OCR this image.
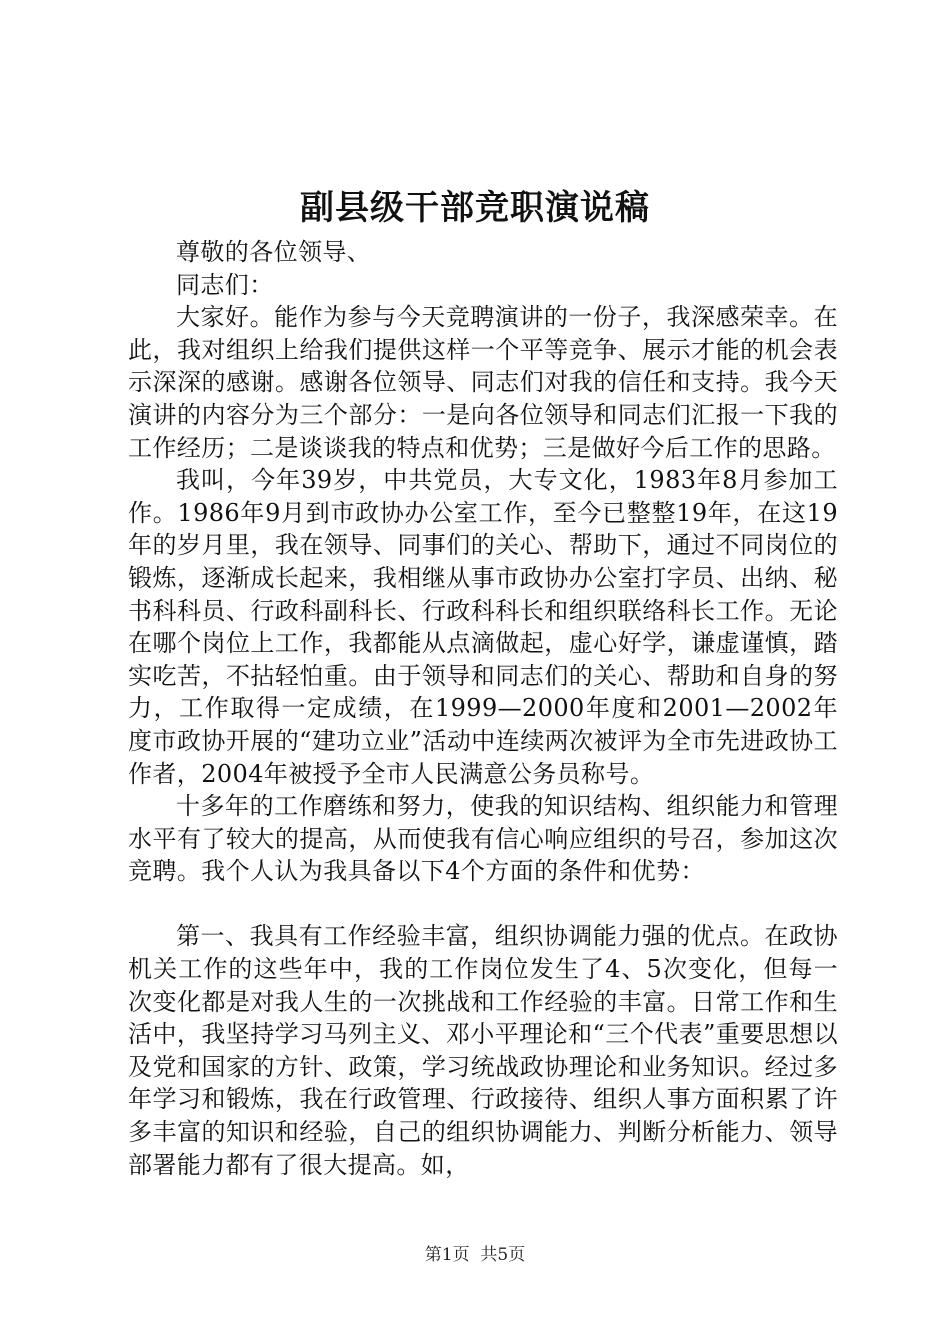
副县级干部竞职演说稿

尊敬的各位领导、

同志们：

大家好。能作为参与今天竞聘演讲的一份子，我深感荣幸。在此，我对组织上给我们提供这样一个平等竞争、展示才能的机会表示深深的感谢。感谢各位领导、同志们对我的信任和支持。我今天演讲的内容分为三个部分：一是向各位领导和同志们汇报一下我的工作经历；二是谈谈我的特点和优势；三是做好今后工作的思路。

我叫，今年39岁，中共党员，大专文化，1983年8月参加工作。1986年9月到市政协办公室工作，至今已整整19年，在这19年的岁月里，我在领导、同事们的关心、帮助下，通过不同岗位的锻炼，逐渐成长起来，我相继从事市政协办公室打字员、出纳、秘书科科员、行政科副科长、行政科科长和组织联络科长工作。无论在哪个岗位上工作，我都能从点滴做起，虚心好学，谦虚谨慎，踏实吃苦，不拈轻怕重。由于领导和同志们的关心、帮助和自身的努力，工作取得一定成绩，在1999—2000年度和2001—2002年度市政协开展的“建功立业”活动中连续两次被评为全市先进政协工作者，2004年被授予全市人民满意公务员称号。

十多年的工作磨练和努力，使我的知识结构、组织能力和管理水平有了较大的提高，从而使我有信心响应组织的号召，参加这次竞聘。我个人认为我具备以下4个方面的条件和优势：

第一、我具有工作经验丰富，组织协调能力强的优点。在政协机关工作的这些年中，我的工作岗位发生了4、5次变化，但每一次变化都是对我人生的一次挑战和工作经验的丰富。日常工作和生活中，我坚持学习马列主义、邓小平理论和“三个代表”重要思想以及党和国家的方针、政策，学习统战政协理论和业务知识。经过多年学习和锻炼，我在行政管理、行政接待、组织人事方面积累了许多丰富的知识和经验，自己的组织协调能力、判断分析能力、领导部署能力都有了很大提高。如，

第1页 共5页
